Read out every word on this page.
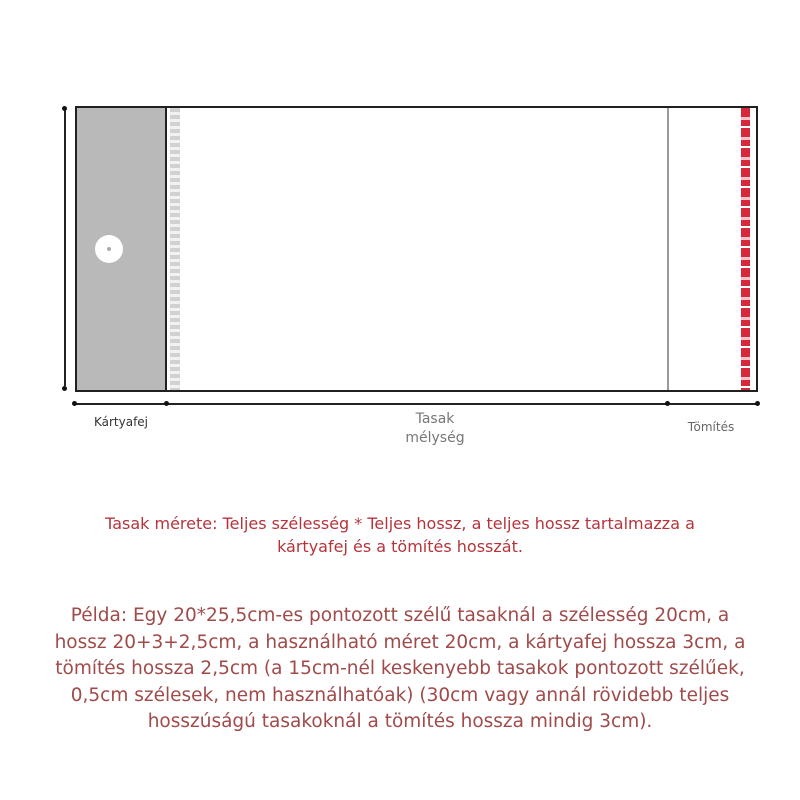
Kártyafej	Tasak
mélység
Tömítés
Tasak mérete: Teljes szélesség * Teljes hossz, a teljes hossz tartalmazza a
kártyafej és a tömítés hosszát.
Példa: Egy 20*25,5cm-es pontozott szélű tasaknál a szélesség 20cm, a
hossz 20+3+2,5cm, a használható méret 20cm, a kártyafej hossza 3cm, a
tömítés hossza 2,5cm (a 15cm-nél keskenyebb tasakok pontozott szélűek,
0,5cm szélesek, nem használhatóak) (30cm vagy annál rövidebb teljes
hosszúságú tasakoknál a tömítés hossza mindig 3cm).
